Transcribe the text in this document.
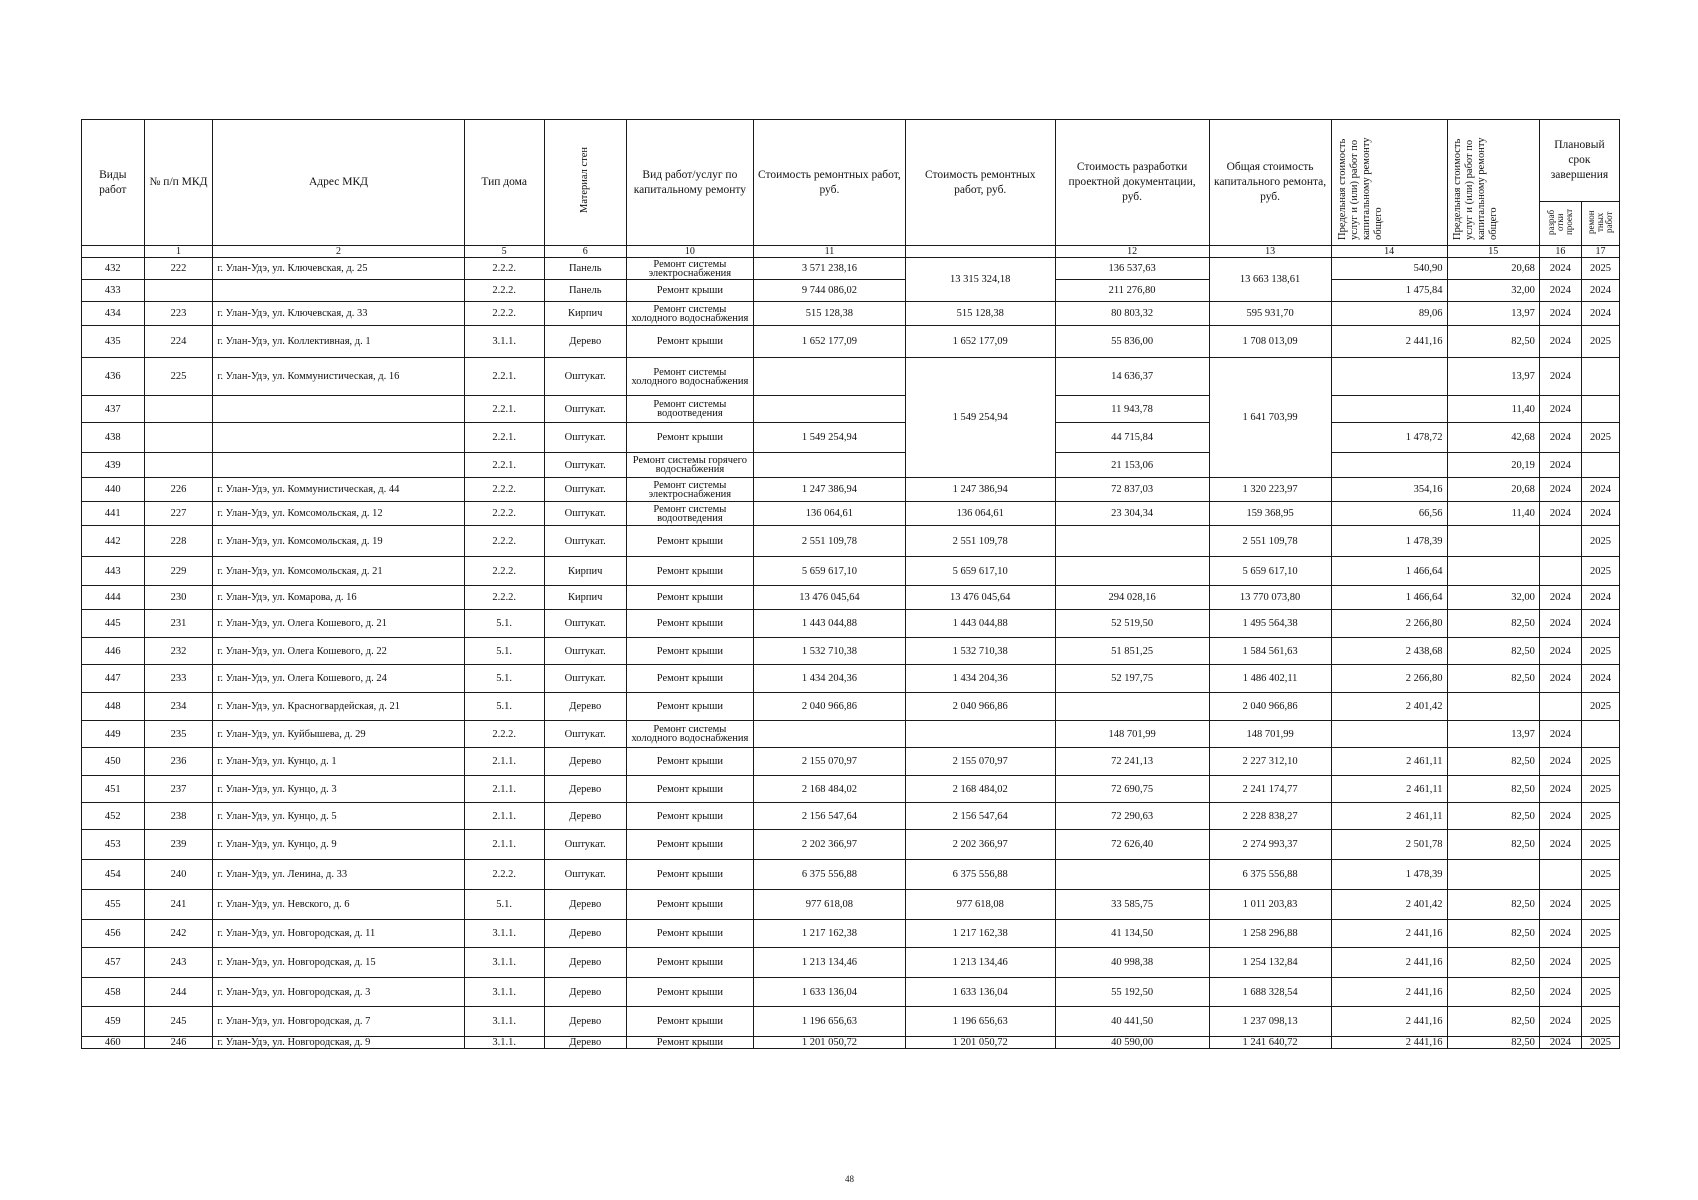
Виды работ	№ п/п МКД	Адрес МКД	Тип дома	Материал стен	Вид работ/услуг по капитальному ремонту	Стоимость ремонтных работ, руб.	Стоимость ремонтных работ, руб.	Стоимость разработки проектной документации, руб.	Общая стоимость капитального ремонта, руб.	Предельная стоимость услуг и (или) работ по капитальному ремонту общего	Предельная стоимость услуг и (или) работ по капитальному ремонту общего	Плановый срок завершения	
												разраб отки проект	ремон тных работ
	1	2	5	6	10	11		12	13	14	15	16	17
432	222	г. Улан-Удэ, ул. Ключевская, д. 25	2.2.2.	Панель	Ремонт системы электроснабжения	3 571 238,16	13 315 324,18	136 537,63	13 663 138,61	540,90	20,68	2024	2025
433			2.2.2.	Панель	Ремонт крыши	9 744 086,02		211 276,80		1 475,84	32,00	2024	2024
434	223	г. Улан-Удэ, ул. Ключевская, д. 33	2.2.2.	Кирпич	Ремонт системы холодного водоснабжения	515 128,38	515 128,38	80 803,32	595 931,70	89,06	13,97	2024	2024
435	224	г. Улан-Удэ, ул. Коллективная, д. 1	3.1.1.	Дерево	Ремонт крыши	1 652 177,09	1 652 177,09	55 836,00	1 708 013,09	2 441,16	82,50	2024	2025
436	225	г. Улан-Удэ, ул. Коммунистическая, д. 16	2.2.1.	Оштукат.	Ремонт системы холодного водоснабжения		1 549 254,94	14 636,37	1 641 703,99		13,97	2024	
437			2.2.1.	Оштукат.	Ремонт системы водоотведения			11 943,78			11,40	2024	
438			2.2.1.	Оштукат.	Ремонт крыши	1 549 254,94		44 715,84		1 478,72	42,68	2024	2025
439			2.2.1.	Оштукат.	Ремонт системы горячего водоснабжения			21 153,06			20,19	2024	
440	226	г. Улан-Удэ, ул. Коммунистическая, д. 44	2.2.2.	Оштукат.	Ремонт системы электроснабжения	1 247 386,94	1 247 386,94	72 837,03	1 320 223,97	354,16	20,68	2024	2024
441	227	г. Улан-Удэ, ул. Комсомольская, д. 12	2.2.2.	Оштукат.	Ремонт системы водоотведения	136 064,61	136 064,61	23 304,34	159 368,95	66,56	11,40	2024	2024
442	228	г. Улан-Удэ, ул. Комсомольская, д. 19	2.2.2.	Оштукат.	Ремонт крыши	2 551 109,78	2 551 109,78		2 551 109,78	1 478,39			2025
443	229	г. Улан-Удэ, ул. Комсомольская, д. 21	2.2.2.	Кирпич	Ремонт крыши	5 659 617,10	5 659 617,10		5 659 617,10	1 466,64			2025
444	230	г. Улан-Удэ, ул. Комарова, д. 16	2.2.2.	Кирпич	Ремонт крыши	13 476 045,64	13 476 045,64	294 028,16	13 770 073,80	1 466,64	32,00	2024	2024
445	231	г. Улан-Удэ, ул. Олега Кошевого, д. 21	5.1.	Оштукат.	Ремонт крыши	1 443 044,88	1 443 044,88	52 519,50	1 495 564,38	2 266,80	82,50	2024	2024
446	232	г. Улан-Удэ, ул. Олега Кошевого, д. 22	5.1.	Оштукат.	Ремонт крыши	1 532 710,38	1 532 710,38	51 851,25	1 584 561,63	2 438,68	82,50	2024	2025
447	233	г. Улан-Удэ, ул. Олега Кошевого, д. 24	5.1.	Оштукат.	Ремонт крыши	1 434 204,36	1 434 204,36	52 197,75	1 486 402,11	2 266,80	82,50	2024	2024
448	234	г. Улан-Удэ, ул. Красногвардейская, д. 21	5.1.	Дерево	Ремонт крыши	2 040 966,86	2 040 966,86		2 040 966,86	2 401,42			2025
449	235	г. Улан-Удэ, ул. Куйбышева, д. 29	2.2.2.	Оштукат.	Ремонт системы холодного водоснабжения			148 701,99	148 701,99		13,97	2024	
450	236	г. Улан-Удэ, ул. Кунцо, д. 1	2.1.1.	Дерево	Ремонт крыши	2 155 070,97	2 155 070,97	72 241,13	2 227 312,10	2 461,11	82,50	2024	2025
451	237	г. Улан-Удэ, ул. Кунцо, д. 3	2.1.1.	Дерево	Ремонт крыши	2 168 484,02	2 168 484,02	72 690,75	2 241 174,77	2 461,11	82,50	2024	2025
452	238	г. Улан-Удэ, ул. Кунцо, д. 5	2.1.1.	Дерево	Ремонт крыши	2 156 547,64	2 156 547,64	72 290,63	2 228 838,27	2 461,11	82,50	2024	2025
453	239	г. Улан-Удэ, ул. Кунцо, д. 9	2.1.1.	Оштукат.	Ремонт крыши	2 202 366,97	2 202 366,97	72 626,40	2 274 993,37	2 501,78	82,50	2024	2025
454	240	г. Улан-Удэ, ул. Ленина, д. 33	2.2.2.	Оштукат.	Ремонт крыши	6 375 556,88	6 375 556,88		6 375 556,88	1 478,39			2025
455	241	г. Улан-Удэ, ул. Невского, д. 6	5.1.	Дерево	Ремонт крыши	977 618,08	977 618,08	33 585,75	1 011 203,83	2 401,42	82,50	2024	2025
456	242	г. Улан-Удэ, ул. Новгородская, д. 11	3.1.1.	Дерево	Ремонт крыши	1 217 162,38	1 217 162,38	41 134,50	1 258 296,88	2 441,16	82,50	2024	2025
457	243	г. Улан-Удэ, ул. Новгородская, д. 15	3.1.1.	Дерево	Ремонт крыши	1 213 134,46	1 213 134,46	40 998,38	1 254 132,84	2 441,16	82,50	2024	2025
458	244	г. Улан-Удэ, ул. Новгородская, д. 3	3.1.1.	Дерево	Ремонт крыши	1 633 136,04	1 633 136,04	55 192,50	1 688 328,54	2 441,16	82,50	2024	2025
459	245	г. Улан-Удэ, ул. Новгородская, д. 7	3.1.1.	Дерево	Ремонт крыши	1 196 656,63	1 196 656,63	40 441,50	1 237 098,13	2 441,16	82,50	2024	2025
460	246	г. Улан-Удэ, ул. Новгородская, д. 9	3.1.1.	Дерево	Ремонт крыши	1 201 050,72	1 201 050,72	40 590,00	1 241 640,72	2 441,16	82,50	2024	2025
48
